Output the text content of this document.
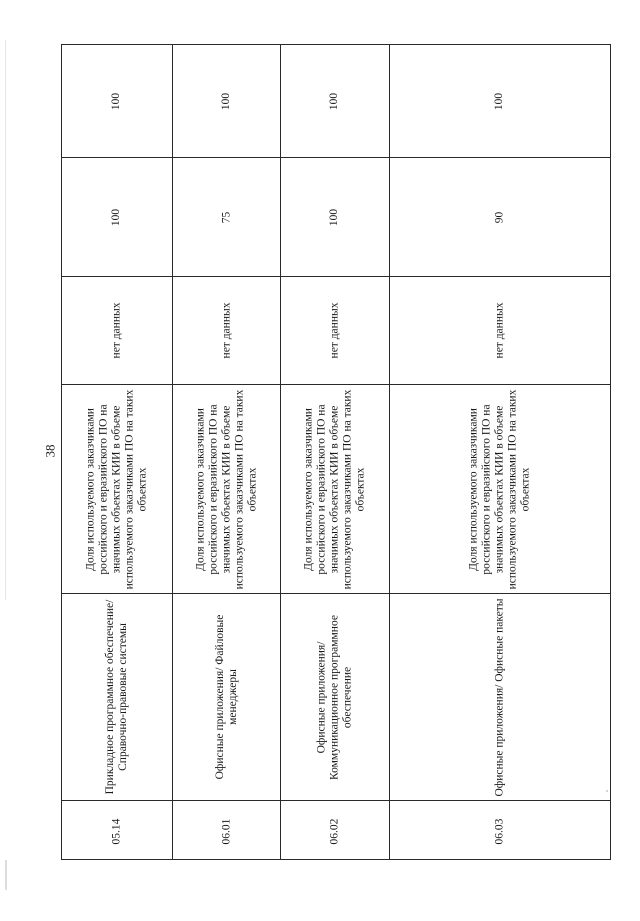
38
100
100
нет данных
Доля используемого заказчиками российского и евразийского ПО на значимых объектах КИИ в объеме используемого заказчиками ПО на таких объектах
Прикладное программное обеспечение/Справочно-правовые системы
05.14
100
75
нет данных
Доля используемого заказчиками российского и евразийского ПО на значимых объектах КИИ в объеме используемого заказчиками ПО на таких объектах
Офисные приложения/ Файловые менеджеры
06.01
100
100
нет данных
Доля используемого заказчиками российского и евразийского ПО на значимых объектах КИИ в объеме используемого заказчиками ПО на таких объектах
Офисные приложения/ Коммуникационное программное обеспечение
06.02
100
90
нет данных
Доля используемого заказчиками российского и евразийского ПО на значимых объектах КИИ в объеме используемого заказчиками ПО на таких объектах
Офисные приложения/ Офисные пакеты
06.03
